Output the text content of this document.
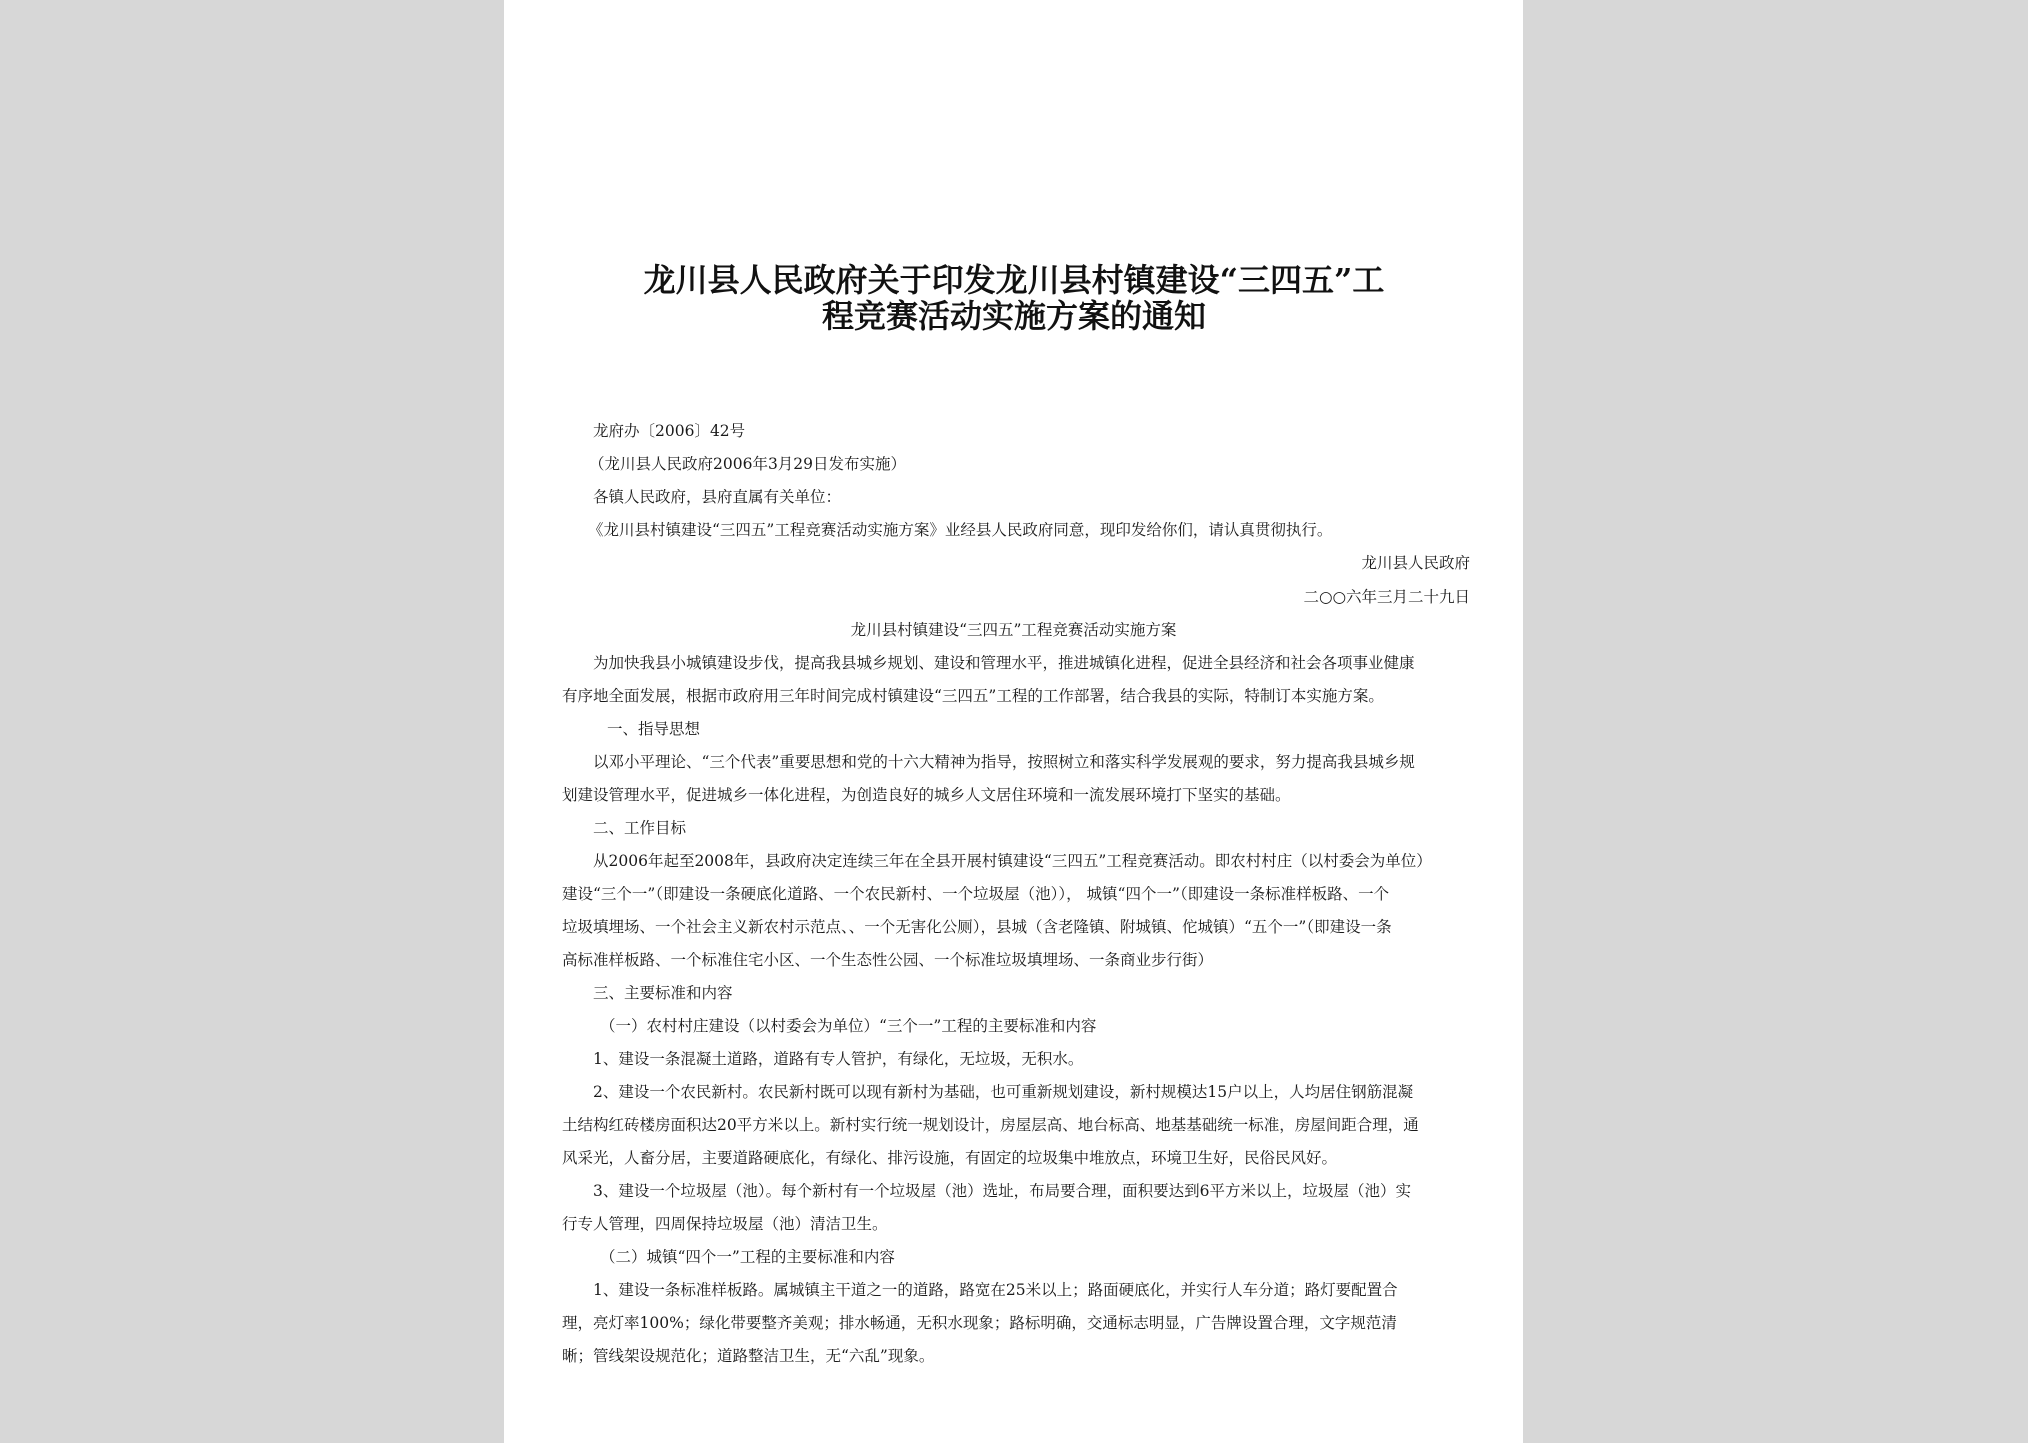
龙川县人民政府关于印发龙川县村镇建设“三四五”工
程竞赛活动实施方案的通知
龙府办〔2006〕42号
（龙川县人民政府2006年3月29日发布实施）
各镇人民政府，县府直属有关单位：
《龙川县村镇建设“三四五”工程竞赛活动实施方案》业经县人民政府同意，现印发给你们，请认真贯彻执行。
龙川县人民政府
二○○六年三月二十九日
龙川县村镇建设“三四五”工程竞赛活动实施方案
为加快我县小城镇建设步伐，提高我县城乡规划、建设和管理水平，推进城镇化进程，促进全县经济和社会各项事业健康
有序地全面发展，根据市政府用三年时间完成村镇建设“三四五”工程的工作部署，结合我县的实际，特制订本实施方案。
一、指导思想
以邓小平理论、“三个代表”重要思想和党的十六大精神为指导，按照树立和落实科学发展观的要求，努力提高我县城乡规
划建设管理水平，促进城乡一体化进程，为创造良好的城乡人文居住环境和一流发展环境打下坚实的基础。
二、工作目标
从2006年起至2008年，县政府决定连续三年在全县开展村镇建设“三四五”工程竞赛活动。即农村村庄（以村委会为单位）
建设“三个一”（即建设一条硬底化道路、一个农民新村、一个垃圾屋（池））， 城镇“四个一”（即建设一条标准样板路、一个
垃圾填埋场、一个社会主义新农村示范点、、一个无害化公厕），县城（含老隆镇、附城镇、佗城镇）“五个一”（即建设一条
高标准样板路、一个标准住宅小区、一个生态性公园、一个标准垃圾填埋场、一条商业步行街）
三、主要标准和内容
（一）农村村庄建设（以村委会为单位）“三个一”工程的主要标准和内容
1、建设一条混凝土道路，道路有专人管护，有绿化，无垃圾，无积水。
2、建设一个农民新村。农民新村既可以现有新村为基础，也可重新规划建设，新村规模达15户以上，人均居住钢筋混凝
土结构红砖楼房面积达20平方米以上。新村实行统一规划设计，房屋层高、地台标高、地基基础统一标准，房屋间距合理，通
风采光，人畜分居，主要道路硬底化，有绿化、排污设施，有固定的垃圾集中堆放点，环境卫生好，民俗民风好。
3、建设一个垃圾屋（池）。每个新村有一个垃圾屋（池）选址，布局要合理，面积要达到6平方米以上，垃圾屋（池）实
行专人管理，四周保持垃圾屋（池）清洁卫生。
（二）城镇“四个一”工程的主要标准和内容
1、建设一条标准样板路。属城镇主干道之一的道路，路宽在25米以上；路面硬底化，并实行人车分道；路灯要配置合
理，亮灯率100%；绿化带要整齐美观；排水畅通，无积水现象；路标明确，交通标志明显，广告牌设置合理，文字规范清
晰；管线架设规范化；道路整洁卫生，无“六乱”现象。
